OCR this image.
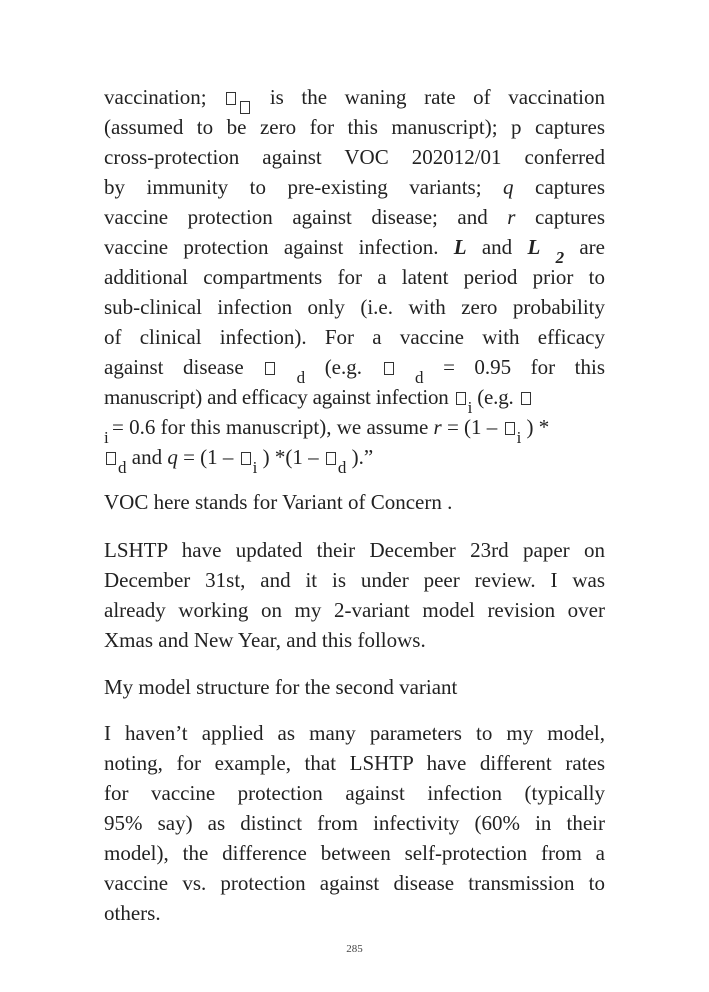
vaccination;	is the waning rate of vaccination
(assumed to be zero for this manuscript); p captures
cross-protection against VOC 202012/01 conferred
by immunity to pre-existing variants; q captures
vaccine protection against disease; and r captures
vaccine protection against infection. L and L $_2$ are
additional compartments for a latent period prior to
sub-clinical infection only (i.e. with zero probability
of clinical infection). For a vaccine with efficacy
against disease	$_d$ (e.g.	$_d$ = 0.95 for this
manuscript) and efficacy against infection $_i$ (e.g.
$_i$ = 0.6 for this manuscript), we assume r = (1 – $_i$ ) *
$_d$ and q = (1 – $_i$ ) *(1 – $_d$ ).”
VOC here stands for Variant of Concern .
LSHTP have updated their December 23rd paper on
December 31st, and it is under peer review. I was
already working on my 2-variant model revision over
Xmas and New Year, and this follows.
My model structure for the second variant
I haven’t applied as many parameters to my model,
noting, for example, that LSHTP have different rates
for vaccine protection against infection (typically
95% say) as distinct from infectivity (60% in their
model), the difference between self-protection from a
vaccine vs. protection against disease transmission to
others.
285
